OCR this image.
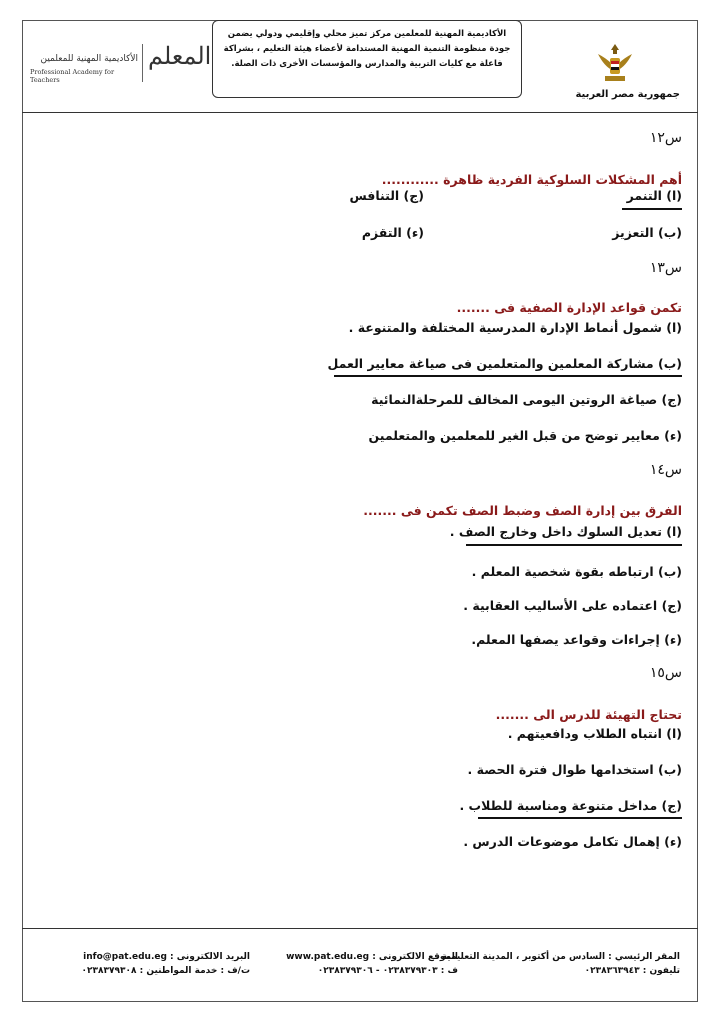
جمهورية مصر العربية
الأكاديمية المهنية للمعلمين مركز تميز محلي وإقليمي ودولي يضمن
جودة منظومة التنمية المهنية المستدامة لأعضاء هيئة التعليم ، بشراكة
فاعلة مع كليات التربية والمدارس والمؤسسات الأخرى ذات الصلة.
المعلم
الأكاديمية المهنية للمعلمين
Professional Academy for Teachers
س١٢
أهم المشكلات السلوكية الفردية ظاهرة ............
(ا) التنمر
(ج) التنافس
(ب) التعزيز
(ء) التقزم
س١٣
تكمن قواعد الإدارة الصفية فى .......
(ا) شمول أنماط الإدارة المدرسية المختلفة والمتنوعة .
(ب) مشاركة المعلمين والمتعلمين فى صياغة معايير العمل
(ج) صياغة الروتين اليومى المخالف للمرحلةالنمائية
(ء) معايير توضح من قبل الغير للمعلمين والمتعلمين
س١٤
الفرق بين إدارة الصف وضبط الصف تكمن فى .......
(ا) تعديل السلوك داخل وخارج الصف .
(ب) ارتباطه بقوة شخصية المعلم .
(ج) اعتماده على الأساليب العقابية .
(ء) إجراءات وقواعد يصفها المعلم.
س١٥
تحتاج التهيئة للدرس الى .......
(ا) انتباه الطلاب ودافعيتهم .
(ب) استخدامها طوال فترة الحصة .
(ج) مداخل متنوعة ومناسبة للطلاب .
(ء) إهمال تكامل موضوعات الدرس .
المقر الرئيسي : السادس من أكتوبر ، المدينة التعليمية
تليفون : ٠٢٣٨٣٦٣٩٤٣
الموقع الالكترونى : www.pat.edu.eg
ف : ٠٢٣٨٣٧٩٣٠٣ - ٠٢٣٨٣٧٩٣٠٦
البريد الالكترونى : info@pat.edu.eg
ت/ف : خدمة المواطنين : ٠٢٣٨٣٧٩٣٠٨
